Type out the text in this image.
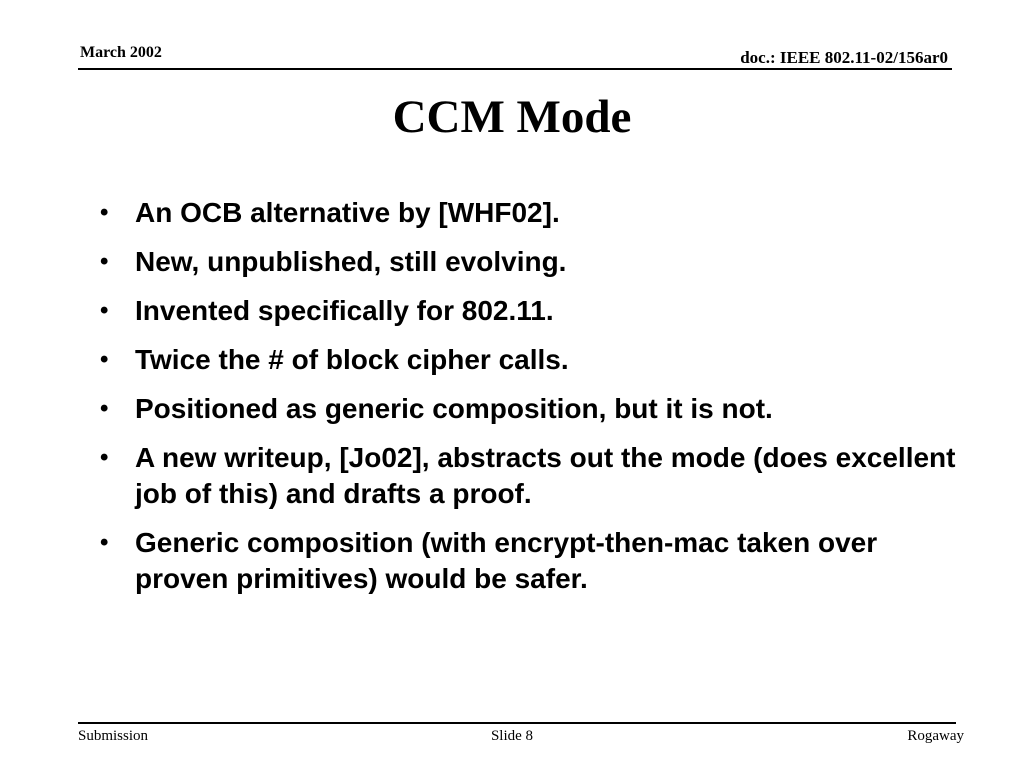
March 2002	doc.: IEEE 802.11-02/156ar0
CCM Mode
• An OCB alternative by [WHF02].
• New, unpublished, still evolving.
• Invented specifically for 802.11.
• Twice the # of block cipher calls.
• Positioned as generic composition, but it is not.
• A new writeup, [Jo02], abstracts out the mode (does excellent job of this) and drafts a proof.
• Generic composition (with encrypt-then-mac taken over proven primitives) would be safer.
Submission	Slide 8	Rogaway
